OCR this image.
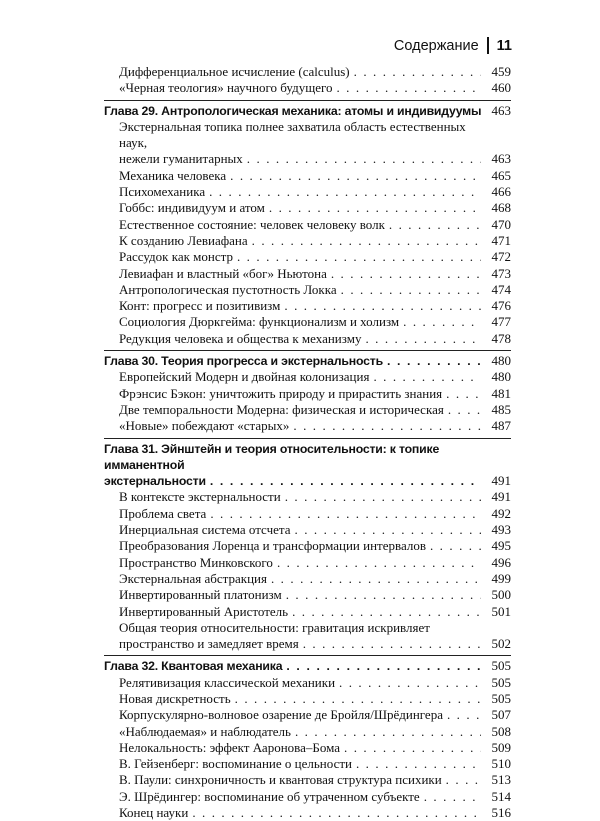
Содержание 11
Дифференциальное исчисление (calculus) . . .	459
«Черная теология» научного будущего . . .	460
Глава 29. Антропологическая механика: атомы и индивидуумы 463
Экстернальная топика полнее захватила область естественных наук,
нежели гуманитарных . . .	463
Механика человека . . .	465
Психомеханика . . .	466
Гоббс: индивидуум и атом . . .	468
Естественное состояние: человек человеку волк . . .	470
К созданию Левиафана . . .	471
Рассудок как монстр . . .	472
Левиафан и властный «бог» Ньютона . . .	473
Антропологическая пустотность Локка . . .	474
Конт: прогресс и позитивизм . . .	476
Социология Дюркгейма: функционализм и холизм . . .	477
Редукция человека и общества к механизму . . .	478
Глава 30. Теория прогресса и экстернальность . . .	480
Европейский Модерн и двойная колонизация . . .	480
Фрэнсис Бэкон: уничтожить природу и прирастить знания . . .	481
Две темпоральности Модерна: физическая и историческая . . .	485
«Новые» побеждают «старых» . . .	487
Глава 31. Эйнштейн и теория относительности: к топике имманентной
экстернальности . . .	491
В контексте экстернальности . . .	491
Проблема света . . .	492
Инерциальная система отсчета . . .	493
Преобразования Лоренца и трансформации интервалов . . .	495
Пространство Минковского . . .	496
Экстернальная абстракция . . .	499
Инвертированный платонизм . . .	500
Инвертированный Аристотель . . .	501
Общая теория относительности: гравитация искривляет
пространство и замедляет время . . .	502
Глава 32. Квантовая механика . . .	505
Релятивизация классической механики . . .	505
Новая дискретность . . .	505
Корпускулярно-волновое озарение де Бройля/Шрёдингера . . .	507
«Наблюдаемая» и наблюдатель . . .	508
Нелокальность: эффект Ааронова–Бома . . .	509
В. Гейзенберг: воспоминание о цельности . . .	510
В. Паули: синхроничность и квантовая структура психики . . .	513
Э. Шрёдингер: воспоминание об утраченном субъекте . . .	514
Конец науки . . .	516
